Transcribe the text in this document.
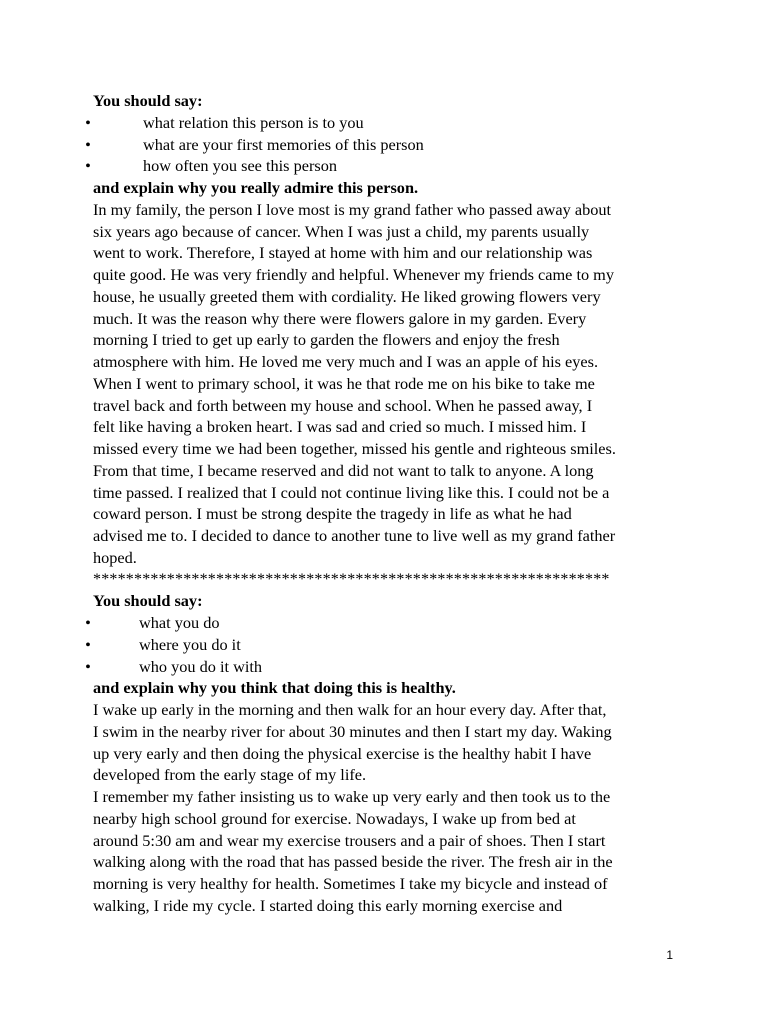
You should say:
•	what relation this person is to you
•	what are your first memories of this person
•	how often you see this person
and explain why you really admire this person.
In my family, the person I love most is my grand father who passed away about
six years ago because of cancer. When I was just a child, my parents usually
went to work. Therefore, I stayed at home with him and our relationship was
quite good. He was very friendly and helpful. Whenever my friends came to my
house, he usually greeted them with cordiality. He liked growing flowers very
much. It was the reason why there were flowers galore in my garden. Every
morning I tried to get up early to garden the flowers and enjoy the fresh
atmosphere with him. He loved me very much and I was an apple of his eyes.
When I went to primary school, it was he that rode me on his bike to take me
travel back and forth between my house and school. When he passed away, I
felt like having a broken heart. I was sad and cried so much. I missed him. I
missed every time we had been together, missed his gentle and righteous smiles.
From that time, I became reserved and did not want to talk to anyone. A long
time passed. I realized that I could not continue living like this. I could not be a
coward person. I must be strong despite the tragedy in life as what he had
advised me to. I decided to dance to another tune to live well as my grand father
hoped.
***************************************************************
You should say:
•	what you do
•	where you do it
•	who you do it with
and explain why you think that doing this is healthy.
I wake up early in the morning and then walk for an hour every day. After that,
I swim in the nearby river for about 30 minutes and then I start my day. Waking
up very early and then doing the physical exercise is the healthy habit I have
developed from the early stage of my life.
I remember my father insisting us to wake up very early and then took us to the
nearby high school ground for exercise. Nowadays, I wake up from bed at
around 5:30 am and wear my exercise trousers and a pair of shoes. Then I start
walking along with the road that has passed beside the river. The fresh air in the
morning is very healthy for health. Sometimes I take my bicycle and instead of
walking, I ride my cycle. I started doing this early morning exercise and
1
